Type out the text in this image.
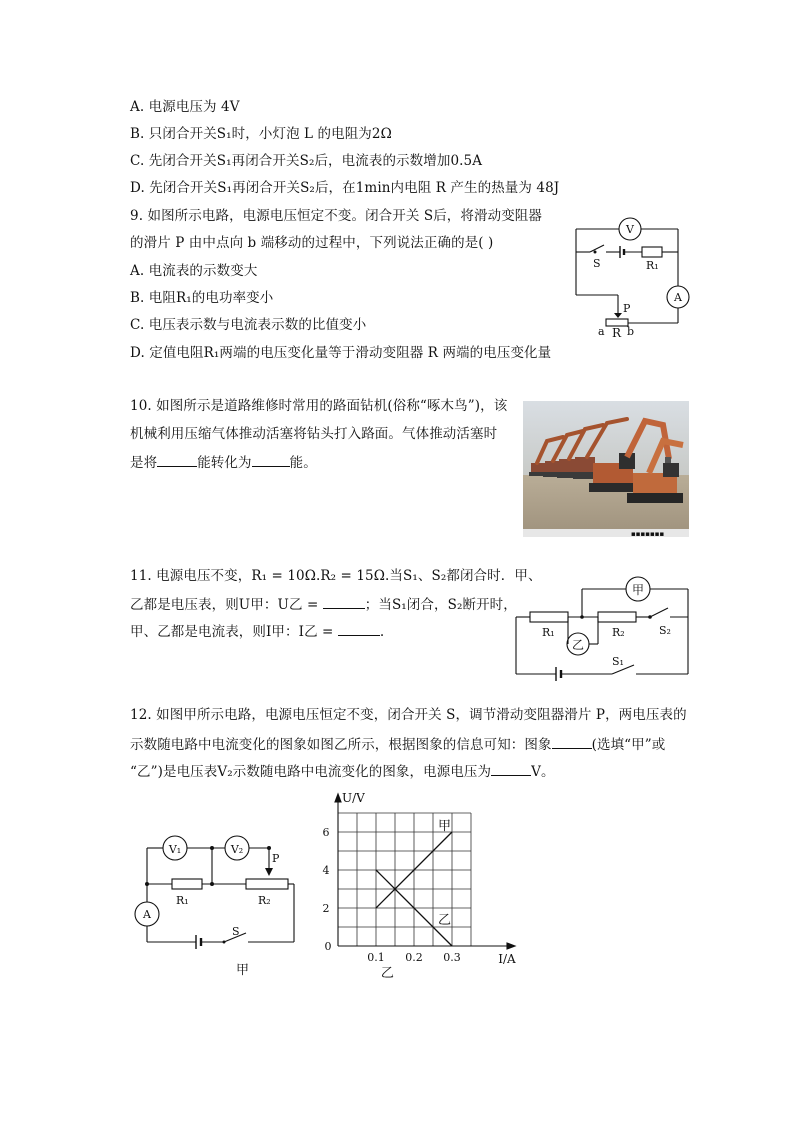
A. 电源电压为 4V
B. 只闭合开关S₁时，小灯泡 L 的电阻为2Ω
C. 先闭合开关S₁再闭合开关S₂后，电流表的示数增加0.5A
D. 先闭合开关S₁再闭合开关S₂后，在1min内电阻 R 产生的热量为 48J
9. 如图所示电路，电源电压恒定不变。闭合开关 S后，将滑动变阻器
的滑片 P 由中点向 b 端移动的过程中，下列说法正确的是( )
A. 电流表的示数变大
B. 电阻R₁的电功率变小
C. 电压表示数与电流表示数的比值变小
D. 定值电阻R₁两端的电压变化量等于滑动变阻器 R 两端的电压变化量
V
S	R₁
A
P
a R b
10. 如图所示是道路维修时常用的路面钻机(俗称“啄木鸟”)，该
机械利用压缩气体推动活塞将钻头打入路面。气体推动活塞时
是将	能转化为	能。
▪▪▪▪▪▪▪
11. 电源电压不变，R₁ = 10Ω.R₂ = 15Ω.当S₁、S₂都闭合时．甲、
乙都是电压表，则U甲：U乙 =	；当S₁闭合，S₂断开时，
甲、乙都是电流表，则I甲：I乙 =	.
甲
乙
R₁	R₂	S₂
S₁
12. 如图甲所示电路，电源电压恒定不变，闭合开关 S，调节滑动变阻器滑片 P，两电压表的
示数随电路中电流变化的图象如图乙所示，根据图象的信息可知：图象	(选填“甲”或
“乙”)是电压表V₂示数随电路中电流变化的图象，电源电压为	V。
V₁	V₂
P
R₁	R₂
A
S
甲
甲
乙
2
4
6
0.1 0.2 0.3
0
I/A
U/V
乙
